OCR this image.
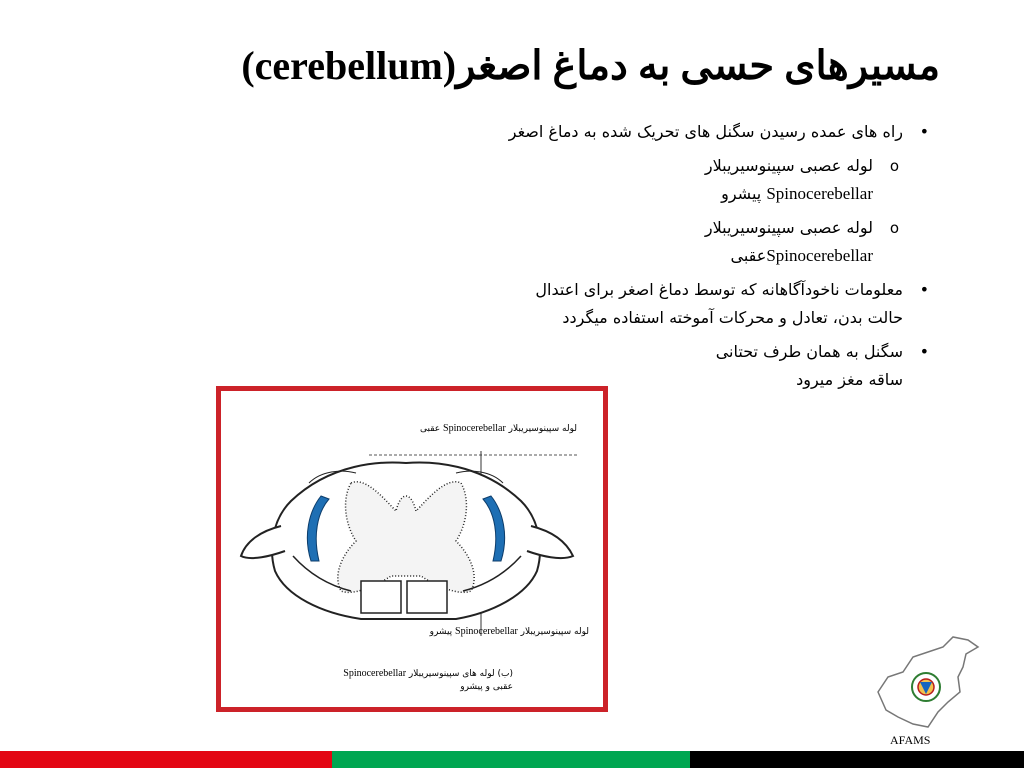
مسیرهای حسی به دماغ اصغر(cerebellum)
• راه های عمده رسیدن سگنل های تحریک شده به دماغ اصغر
o
لوله عصبی سپینوسیریبلار
Spinocerebellar پیشرو
o
لوله عصبی سپینوسیریبلار
Spinocerebellarعقبی
• معلومات ناخودآگاهانه که توسط دماغ اصغر برای اعتدال حالت بدن، تعادل و محرکات آموخته استفاده میگردد
• سگنل به همان طرف تحتانی
ساقه مغز میرود
لوله سپینوسیریبلار Spinocerebellar عقبی
لوله سپینوسیریبلار Spinocerebellar پیشرو
(ب) لوله های سپینوسیریبلار Spinocerebellar
عقبی و پیشرو
AFAMS
